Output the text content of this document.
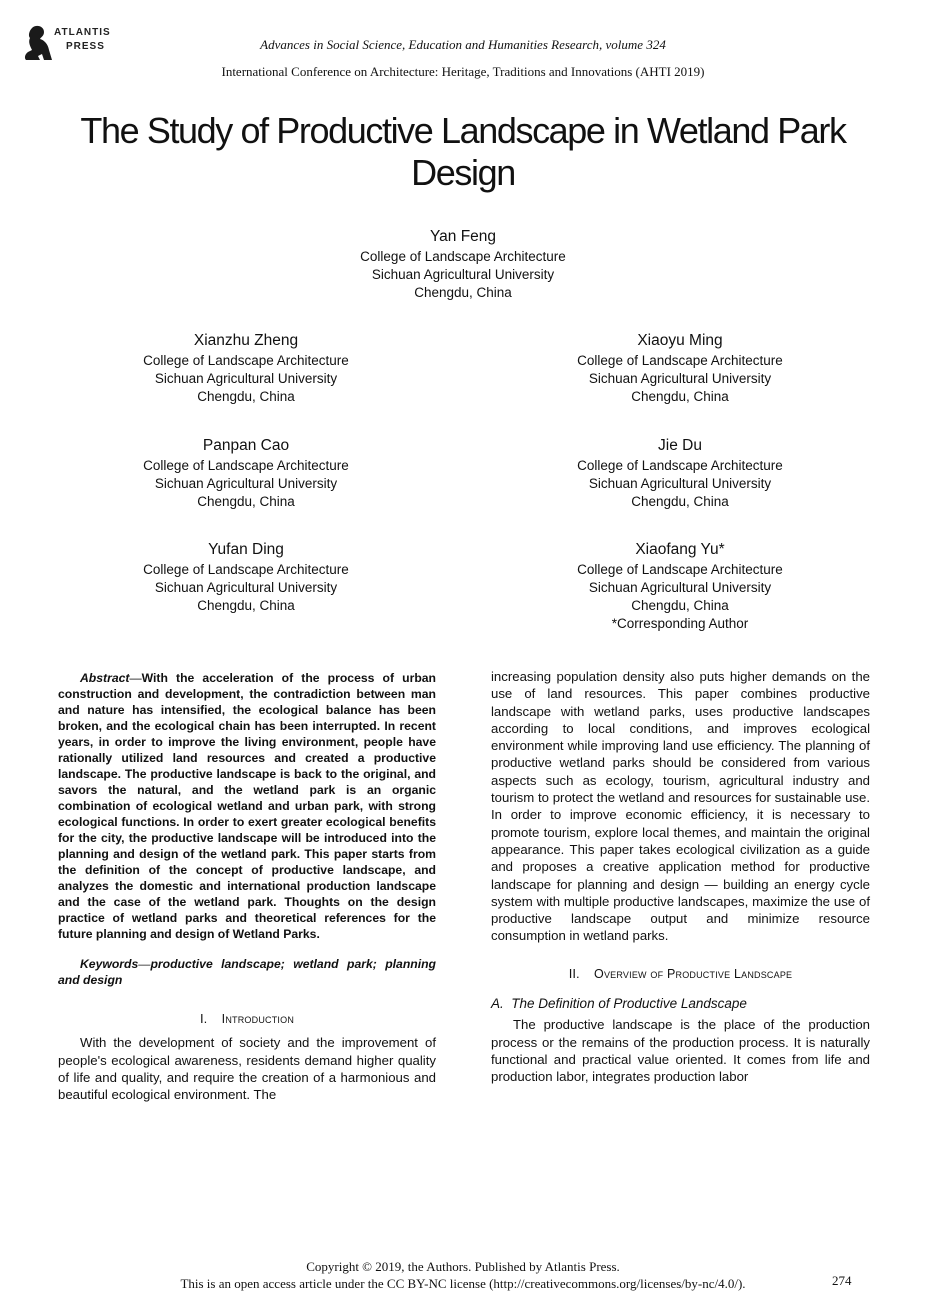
ATLANTIS
PRESS	Advances in Social Science, Education and Humanities Research, volume 324
International Conference on Architecture: Heritage, Traditions and Innovations (AHTI 2019)
The Study of Productive Landscape in Wetland Park Design
Yan Feng
College of Landscape Architecture
Sichuan Agricultural University
Chengdu, China
Xianzhu Zheng
College of Landscape Architecture
Sichuan Agricultural University
Chengdu, China
Xiaoyu Ming
College of Landscape Architecture
Sichuan Agricultural University
Chengdu, China
Panpan Cao
College of Landscape Architecture
Sichuan Agricultural University
Chengdu, China
Jie Du
College of Landscape Architecture
Sichuan Agricultural University
Chengdu, China
Yufan Ding
College of Landscape Architecture
Sichuan Agricultural University
Chengdu, China
Xiaofang Yu*
College of Landscape Architecture
Sichuan Agricultural University
Chengdu, China
*Corresponding Author

Abstract—With the acceleration of the process of urban construction and development, the contradiction between man and nature has intensified, the ecological balance has been broken, and the ecological chain has been interrupted. In recent years, in order to improve the living environment, people have rationally utilized land resources and created a productive landscape. The productive landscape is back to the original, and savors the natural, and the wetland park is an organic combination of ecological wetland and urban park, with strong ecological functions. In order to exert greater ecological benefits for the city, the productive landscape will be introduced into the planning and design of the wetland park. This paper starts from the definition of the concept of productive landscape, and analyzes the domestic and international production landscape and the case of the wetland park. Thoughts on the design practice of wetland parks and theoretical references for the future planning and design of Wetland Parks.

Keywords—productive landscape; wetland park; planning and design

I. Introduction

With the development of society and the improvement of people's ecological awareness, residents demand higher quality of life and quality, and require the creation of a harmonious and beautiful ecological environment. The

increasing population density also puts higher demands on the use of land resources. This paper combines productive landscape with wetland parks, uses productive landscapes according to local conditions, and improves ecological environment while improving land use efficiency. The planning of productive wetland parks should be considered from various aspects such as ecology, tourism, agricultural industry and tourism to protect the wetland and resources for sustainable use. In order to improve economic efficiency, it is necessary to promote tourism, explore local themes, and maintain the original appearance. This paper takes ecological civilization as a guide and proposes a creative application method for productive landscape for planning and design — building an energy cycle system with multiple productive landscapes, maximize the use of productive landscape output and minimize resource consumption in wetland parks.

II. Overview of Productive Landscape
A. The Definition of Productive Landscape

The productive landscape is the place of the production process or the remains of the production process. It is naturally functional and practical value oriented. It comes from life and production labor, integrates production labor

Copyright © 2019, the Authors. Published by Atlantis Press.
This is an open access article under the CC BY-NC license (http://creativecommons.org/licenses/by-nc/4.0/).	274
